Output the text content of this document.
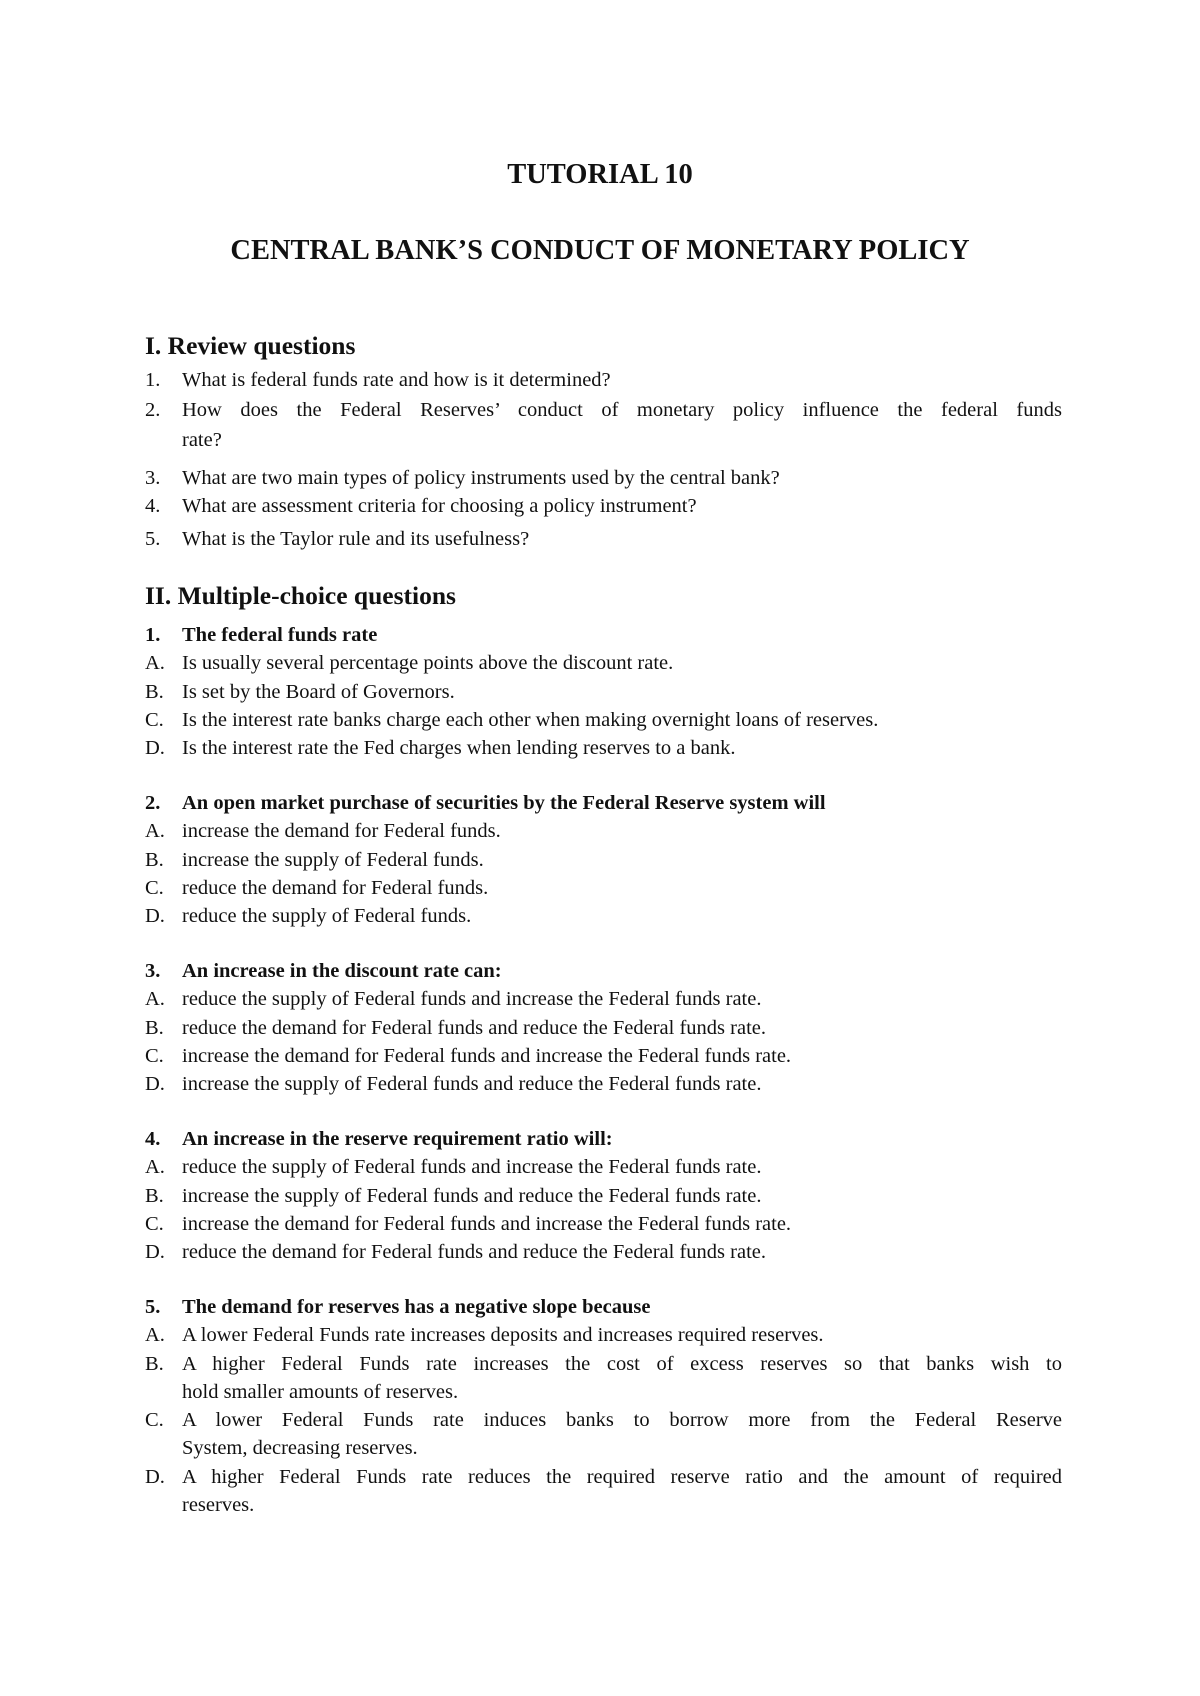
TUTORIAL 10
CENTRAL BANK’S CONDUCT OF MONETARY POLICY
I. Review questions
1. What is federal funds rate and how is it determined?
2. How does the Federal Reserves’ conduct of monetary policy influence the federal funds
rate?
3. What are two main types of policy instruments used by the central bank?
4. What are assessment criteria for choosing a policy instrument?
5. What is the Taylor rule and its usefulness?
II. Multiple-choice questions
1. The federal funds rate
A. Is usually several percentage points above the discount rate.
B. Is set by the Board of Governors.
C. Is the interest rate banks charge each other when making overnight loans of reserves.
D. Is the interest rate the Fed charges when lending reserves to a bank.
2. An open market purchase of securities by the Federal Reserve system will
A. increase the demand for Federal funds.
B. increase the supply of Federal funds.
C. reduce the demand for Federal funds.
D. reduce the supply of Federal funds.
3. An increase in the discount rate can:
A. reduce the supply of Federal funds and increase the Federal funds rate.
B. reduce the demand for Federal funds and reduce the Federal funds rate.
C. increase the demand for Federal funds and increase the Federal funds rate.
D. increase the supply of Federal funds and reduce the Federal funds rate.
4. An increase in the reserve requirement ratio will:
A. reduce the supply of Federal funds and increase the Federal funds rate.
B. increase the supply of Federal funds and reduce the Federal funds rate.
C. increase the demand for Federal funds and increase the Federal funds rate.
D. reduce the demand for Federal funds and reduce the Federal funds rate.
5. The demand for reserves has a negative slope because
A. A lower Federal Funds rate increases deposits and increases required reserves.
B. A higher Federal Funds rate increases the cost of excess reserves so that banks wish to
hold smaller amounts of reserves.
C. A lower Federal Funds rate induces banks to borrow more from the Federal Reserve
System, decreasing reserves.
D. A higher Federal Funds rate reduces the required reserve ratio and the amount of required
reserves.
